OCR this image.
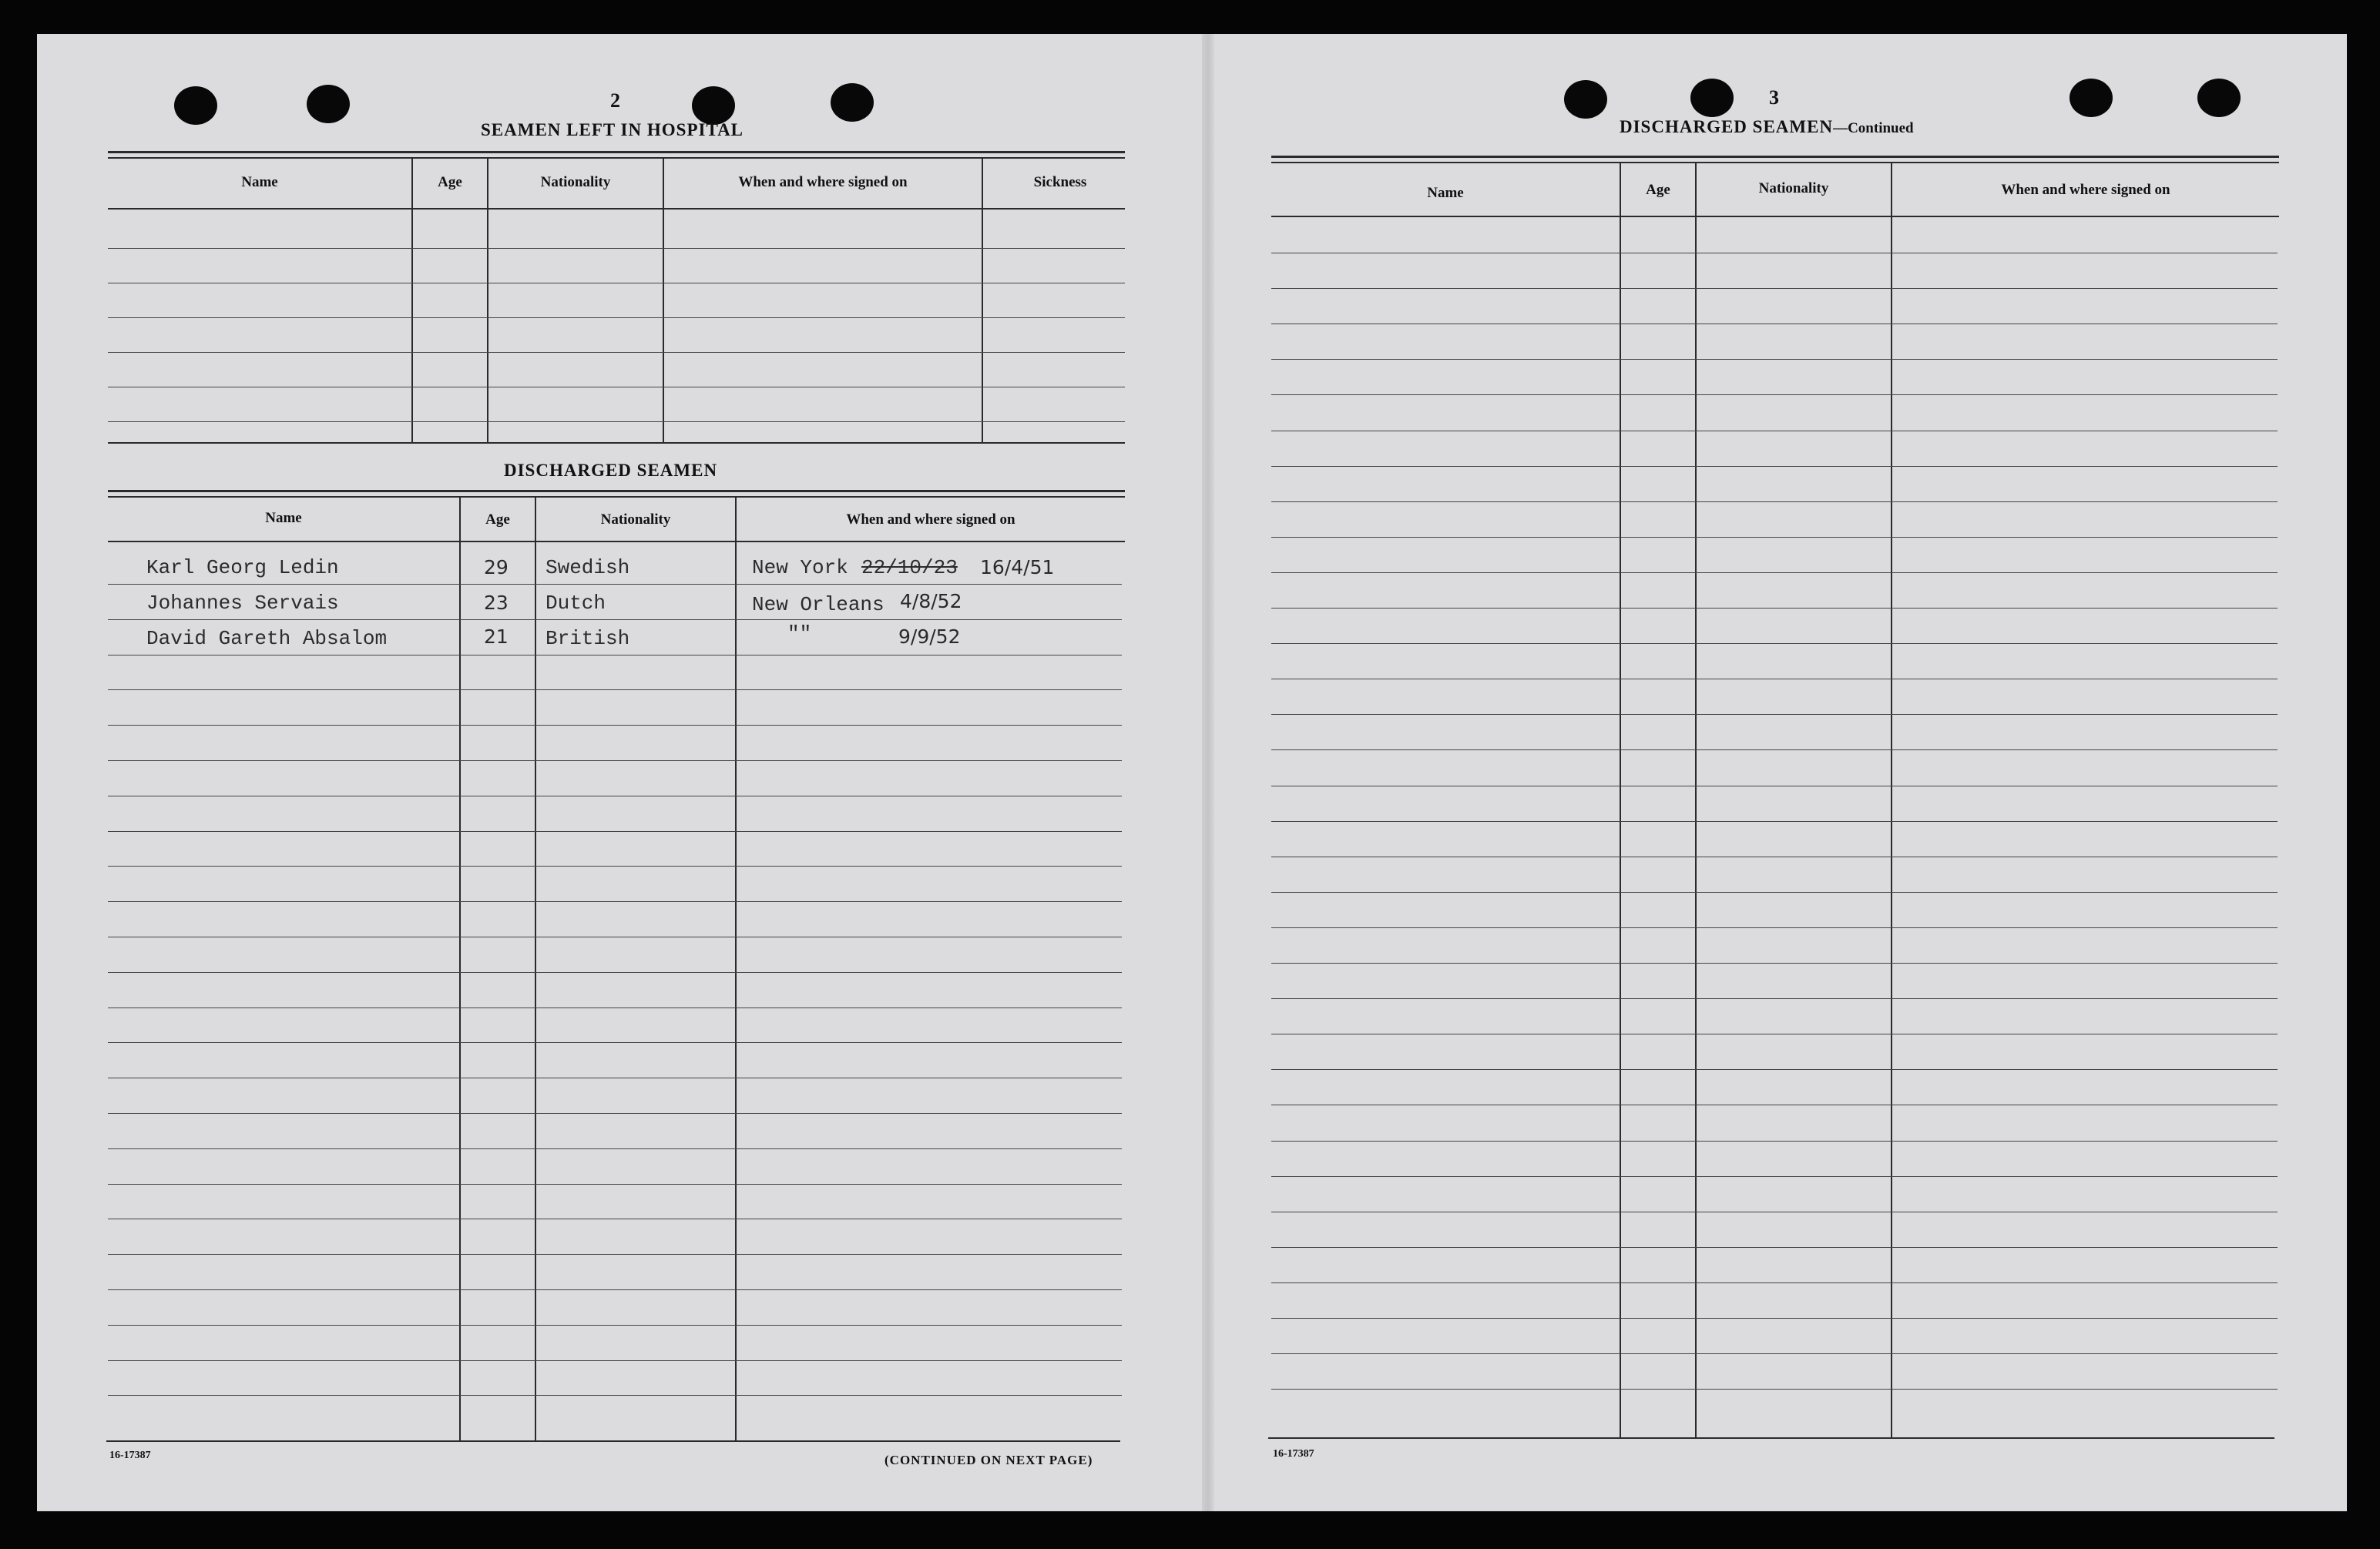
2
SEAMEN LEFT IN HOSPITAL
Name	Age	Nationality	When and where signed on	Sickness
DISCHARGED SEAMEN
Name	Age	Nationality	When and where signed on
Karl Georg Ledin	29 Swedish	New York 22/10/23 16/4/51
Johannes Servais	23 Dutch	New Orleans 4/8/52
David Gareth Absalom	21 British	""	9/9/52
16-17387	(CONTINUED ON NEXT PAGE)
3
DISCHARGED SEAMEN—Continued
Name	Age	Nationality	When and where signed on
16-17387
